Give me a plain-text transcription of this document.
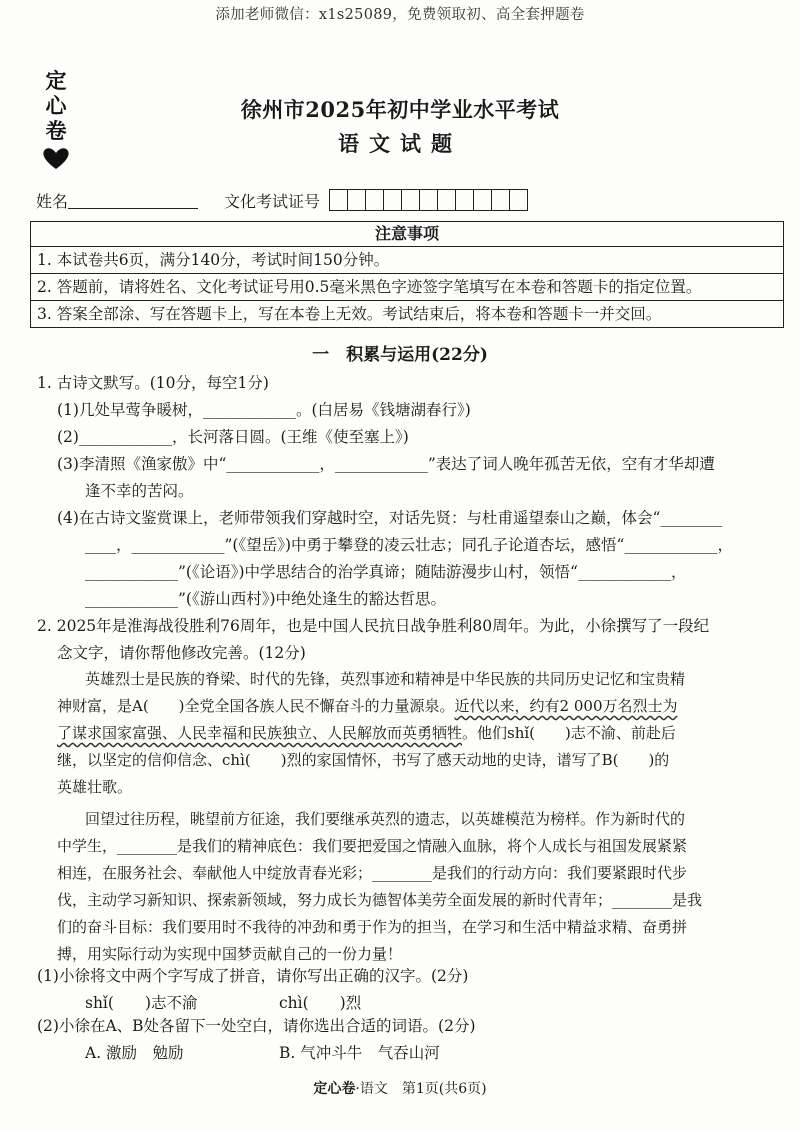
添加老师微信：x1s25089，免费领取初、高全套押题卷
定
心
卷
徐州市2025年初中学业水平考试
语文试题
姓名	文化考试证号
注意事项
1. 本试卷共6页，满分140分，考试时间150分钟。
2. 答题前，请将姓名、文化考试证号用0.5毫米黑色字迹签字笔填写在本卷和答题卡的指定位置。
3. 答案全部涂、写在答题卡上，写在本卷上无效。考试结束后，将本卷和答题卡一并交回。
一　积累与运用(22分)
1. 古诗文默写。(10分，每空1分)
(1)几处早莺争暖树，____________。(白居易《钱塘湖春行》)
(2)____________，长河落日圆。(王维《使至塞上》)
(3)李清照《渔家傲》中“____________，____________”表达了词人晚年孤苦无依，空有才华却遭
逢不幸的苦闷。
(4)在古诗文鉴赏课上，老师带领我们穿越时空，对话先贤：与杜甫遥望泰山之巅，体会“________
____，____________”(《望岳》)中勇于攀登的凌云壮志；同孔子论道杏坛，感悟“____________，
____________”(《论语》)中学思结合的治学真谛；随陆游漫步山村，领悟“____________，
____________”(《游山西村》)中绝处逢生的豁达哲思。
2. 2025年是淮海战役胜利76周年，也是中国人民抗日战争胜利80周年。为此，小徐撰写了一段纪
念文字，请你帮他修改完善。(12分)
英雄烈士是民族的脊梁、时代的先锋，英烈事迹和精神是中华民族的共同历史记忆和宝贵精
神财富，是A(　　)全党全国各族人民不懈奋斗的力量源泉。近代以来，约有2 000万名烈士为
了谋求国家富强、人民幸福和民族独立、人民解放而英勇牺牲。他们shǐ(　　)志不渝、前赴后
继，以坚定的信仰信念、chì(　　)烈的家国情怀，书写了感天动地的史诗，谱写了B(　　)的
英雄壮歌。
回望过往历程，眺望前方征途，我们要继承英烈的遗志，以英雄模范为榜样。作为新时代的
中学生，________是我们的精神底色：我们要把爱国之情融入血脉，将个人成长与祖国发展紧紧
相连，在服务社会、奉献他人中绽放青春光彩；________是我们的行动方向：我们要紧跟时代步
伐，主动学习新知识、探索新领域，努力成长为德智体美劳全面发展的新时代青年；________是我
们的奋斗目标：我们要用时不我待的冲劲和勇于作为的担当，在学习和生活中精益求精、奋勇拼
搏，用实际行动为实现中国梦贡献自己的一份力量！
(1)小徐将文中两个字写成了拼音，请你写出正确的汉字。(2分)
shǐ(　　)志不渝	chì(　　)烈
(2)小徐在A、B处各留下一处空白，请你选出合适的词语。(2分)
A. 激励　勉励	B. 气冲斗牛　气吞山河
定心卷·语文　第1页(共6页)
